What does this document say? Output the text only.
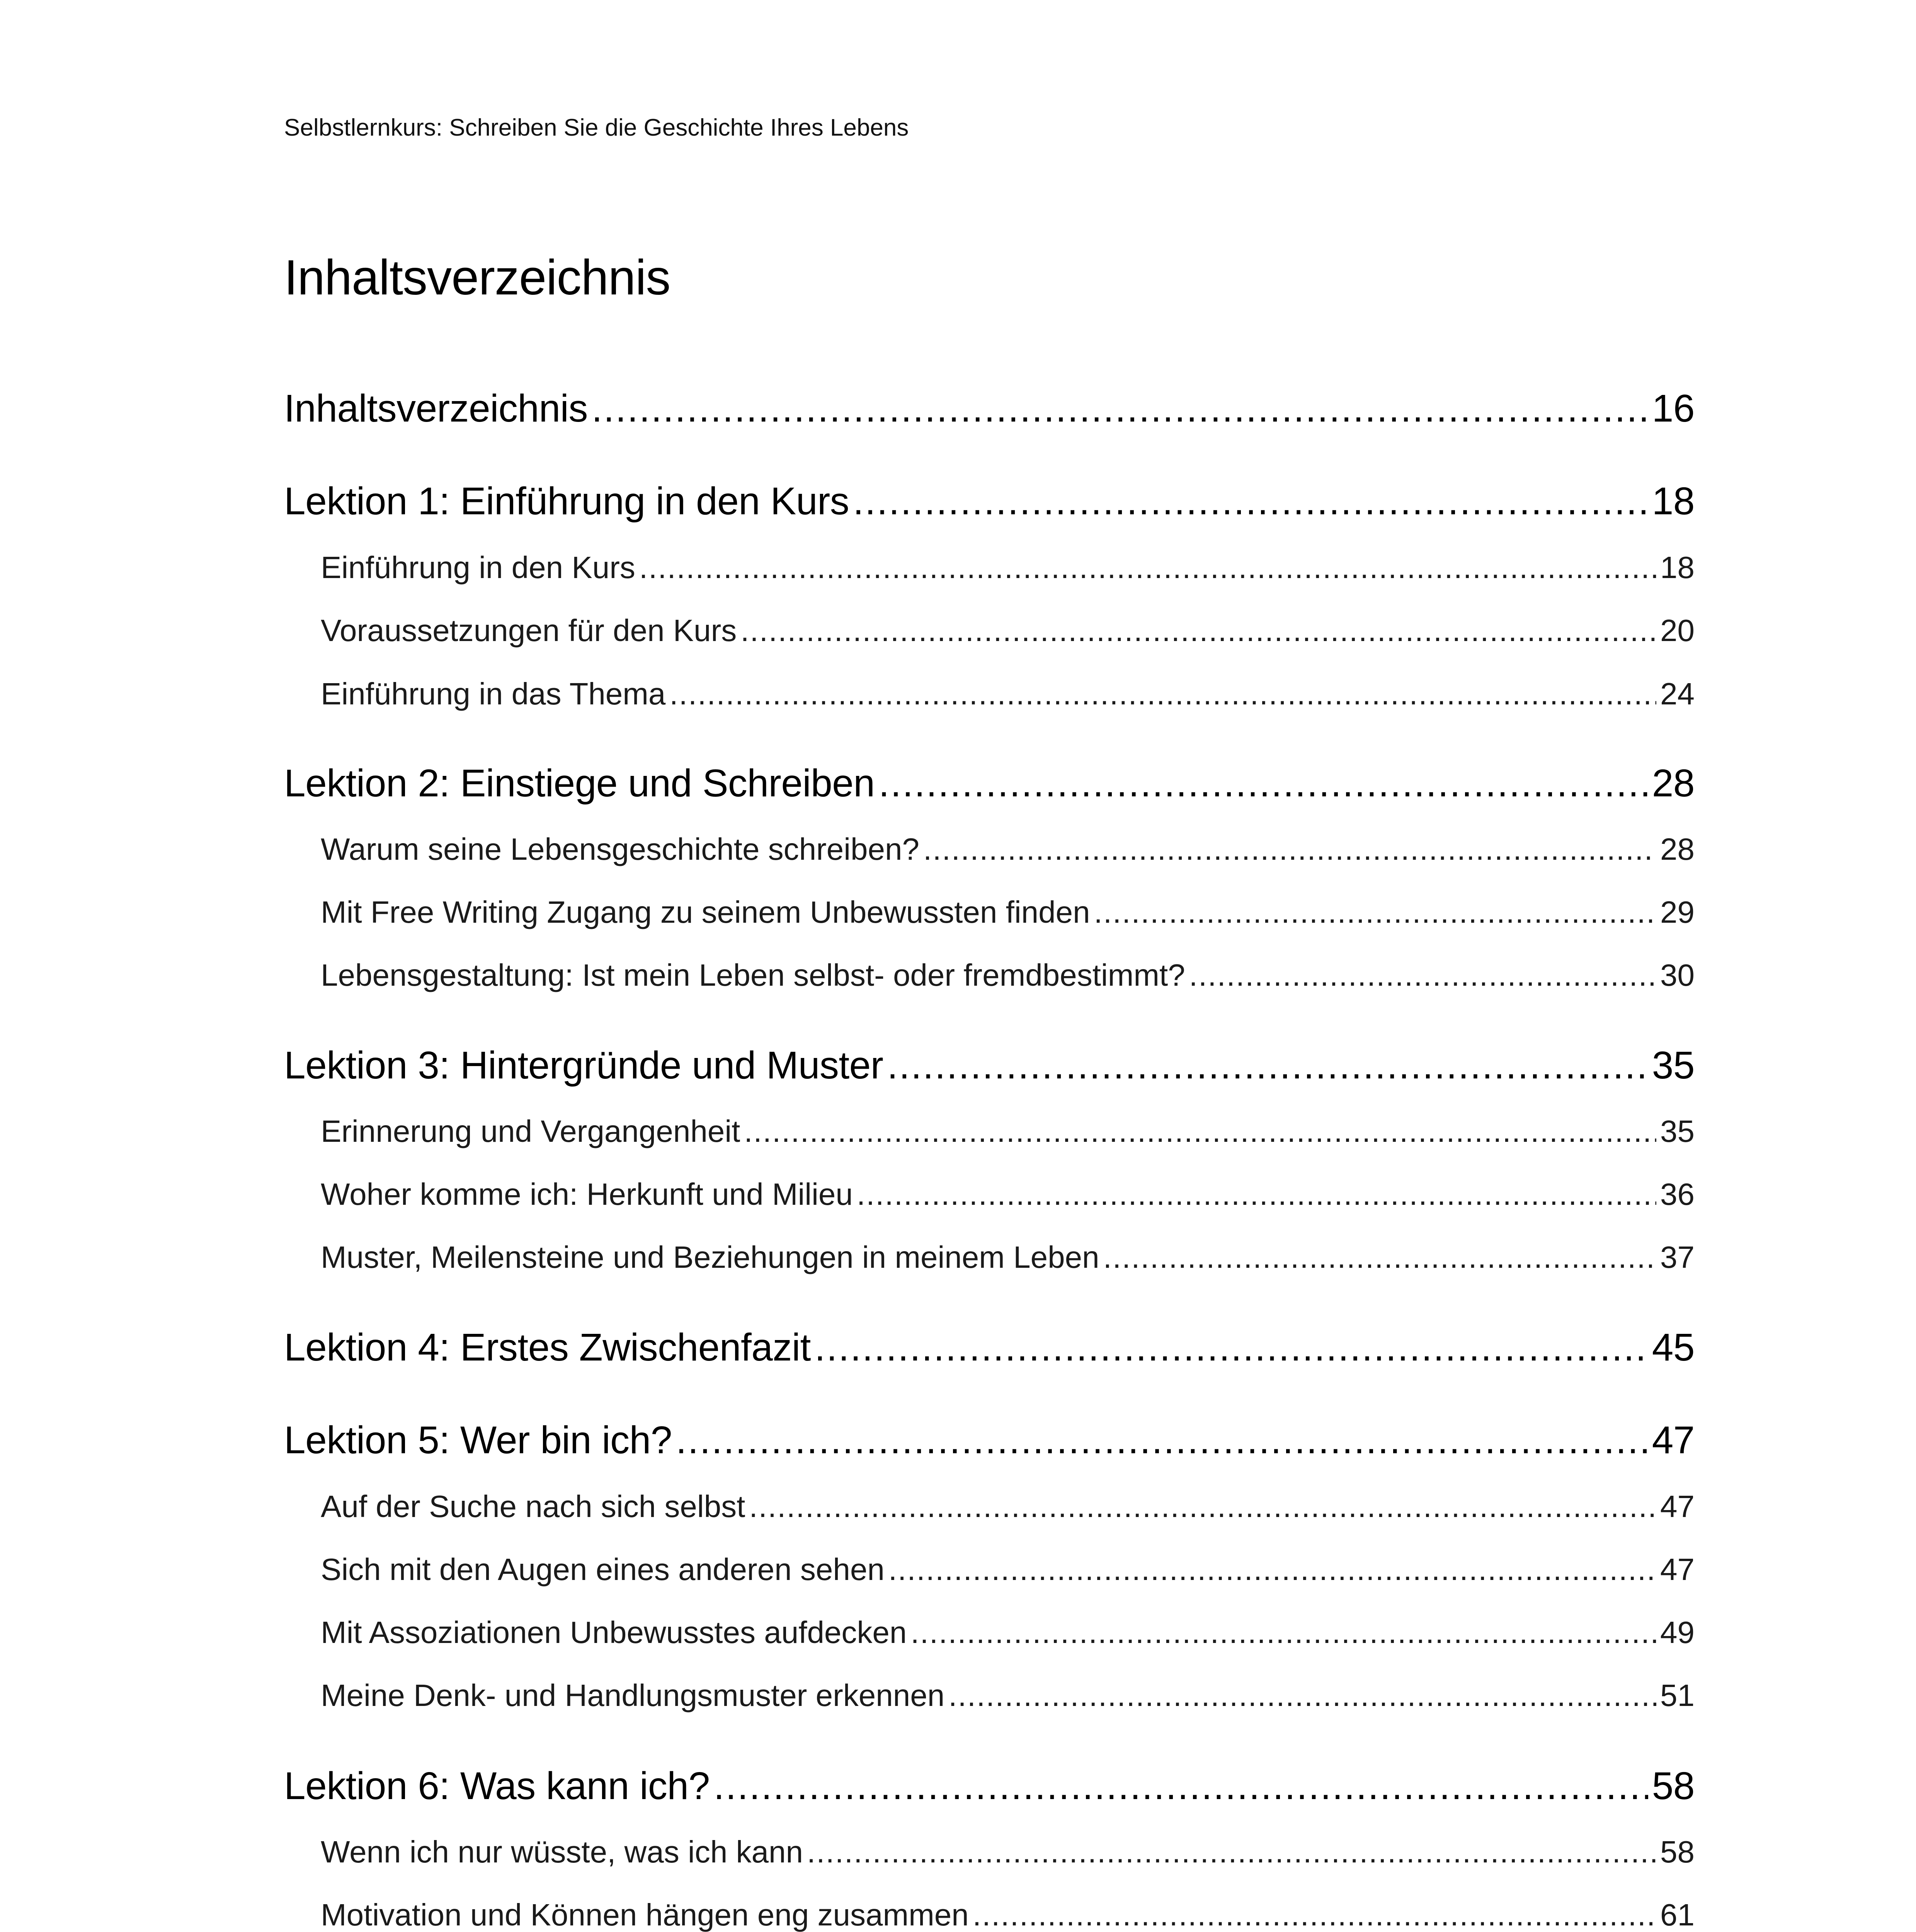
Selbstlernkurs: Schreiben Sie die Geschichte Ihres Lebens
Inhaltsverzeichnis
Inhaltsverzeichnis .....	16
Lektion 1: Einführung in den Kurs .....	18
Einführung in den Kurs .....	18
Voraussetzungen für den Kurs .....	20
Einführung in das Thema .....	24
Lektion 2: Einstiege und Schreiben .....	28
Warum seine Lebensgeschichte schreiben? .....	28
Mit Free Writing Zugang zu seinem Unbewussten finden .....	29
Lebensgestaltung: Ist mein Leben selbst- oder fremdbestimmt? .....	30
Lektion 3: Hintergründe und Muster .....	35
Erinnerung und Vergangenheit .....	35
Woher komme ich: Herkunft und Milieu .....	36
Muster, Meilensteine und Beziehungen in meinem Leben .....	37
Lektion 4: Erstes Zwischenfazit .....	45
Lektion 5: Wer bin ich? .....	47
Auf der Suche nach sich selbst .....	47
Sich mit den Augen eines anderen sehen .....	47
Mit Assoziationen Unbewusstes aufdecken .....	49
Meine Denk- und Handlungsmuster erkennen .....	51
Lektion 6: Was kann ich? .....	58
Wenn ich nur wüsste, was ich kann .....	58
Motivation und Können hängen eng zusammen .....	61
